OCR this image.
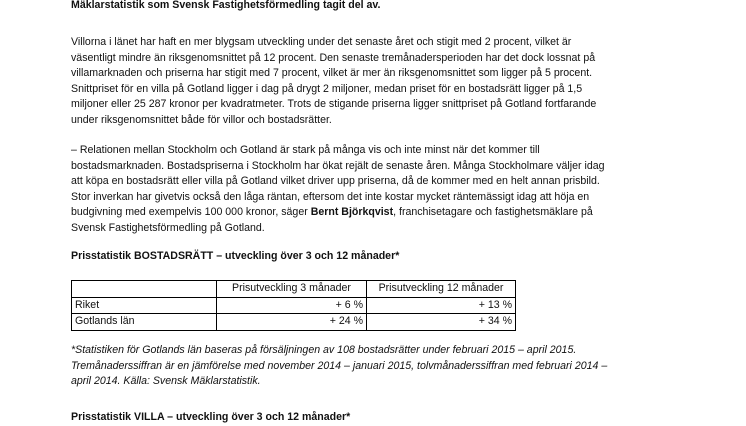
Mäklarstatistik som Svensk Fastighetsförmedling tagit del av.
Villorna i länet har haft en mer blygsam utveckling under det senaste året och stigit med 2 procent, vilket är
väsentligt mindre än riksgenomsnittet på 12 procent. Den senaste tremånadersperioden har det dock lossnat på
villamarknaden och priserna har stigit med 7 procent, vilket är mer än riksgenomsnittet som ligger på 5 procent.
Snittpriset för en villa på Gotland ligger i dag på drygt 2 miljoner, medan priset för en bostadsrätt ligger på 1,5
miljoner eller 25 287 kronor per kvadratmeter. Trots de stigande priserna ligger snittpriset på Gotland fortfarande
under riksgenomsnittet både för villor och bostadsrätter.
– Relationen mellan Stockholm och Gotland är stark på många vis och inte minst när det kommer till
bostadsmarknaden. Bostadspriserna i Stockholm har ökat rejält de senaste åren. Många Stockholmare väljer idag
att köpa en bostadsrätt eller villa på Gotland vilket driver upp priserna, då de kommer med en helt annan prisbild.
Stor inverkan har givetvis också den låga räntan, eftersom det inte kostar mycket räntemässigt idag att höja en
budgivning med exempelvis 100 000 kronor, säger Bernt Björkqvist, franchisetagare och fastighetsmäklare på
Svensk Fastighetsförmedling på Gotland.
Prisstatistik BOSTADSRÄTT – utveckling över 3 och 12 månader*
	Prisutveckling 3 månader	Prisutveckling 12 månader
Riket	+ 6 %	+ 13 %
Gotlands län	+ 24 %	+ 34 %
*Statistiken för Gotlands län baseras på försäljningen av 108 bostadsrätter under februari 2015 – april 2015.
Tremånaderssiffran är en jämförelse med november 2014 – januari 2015, tolvmånaderssiffran med februari 2014 –
april 2014. Källa: Svensk Mäklarstatistik.
Prisstatistik VILLA – utveckling över 3 och 12 månader*
